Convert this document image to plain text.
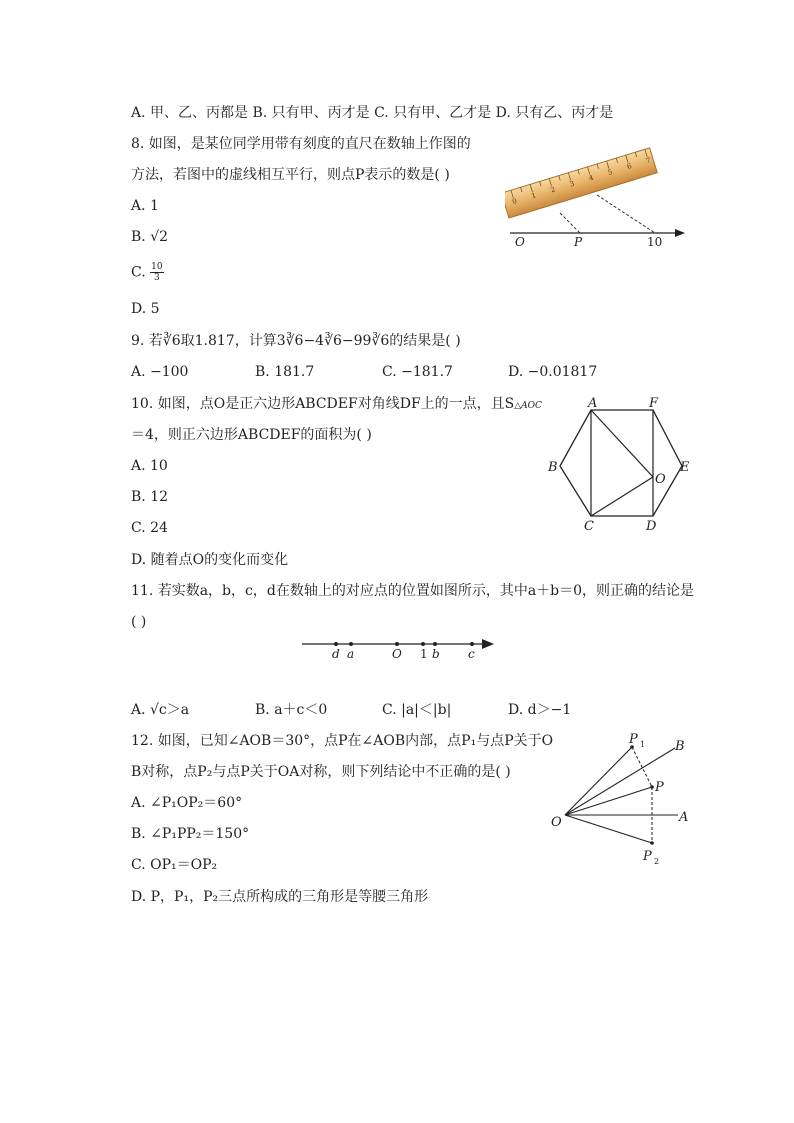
A. 甲、乙、丙都是 B. 只有甲、丙才是 C. 只有甲、乙才是 D. 只有乙、丙才是
8. 如图，是某位同学用带有刻度的直尺在数轴上作图的
方法，若图中的虚线相互平行，则点P表示的数是( )
A. 1
B. √2
C. $\frac{10}{3}$
D. 5
0
1
2
3
4
5
6
7
O	P	10
9. 若∛6取1.817，计算3∛6−4∛6−99∛6的结果是( )
A. −100	B. 181.7	C. −181.7	D. −0.01817
10. 如图，点O是正六边形ABCDEF对角线DF上的一点，且S△AOC
＝4，则正六边形ABCDEF的面积为( )
A. 10
B. 12
C. 24
D. 随着点O的变化而变化
A	F
B	E
O
C	D
11. 若实数a，b，c，d在数轴上的对应点的位置如图所示，其中a＋b＝0，则正确的结论是
( )
d a	O 1 b c
A. √c＞a	B. a＋c＜0	C. |a|＜|b|	D. d＞−1
12. 如图，已知∠AOB＝30°，点P在∠AOB内部，点P₁与点P关于O
B对称，点P₂与点P关于OA对称，则下列结论中不正确的是( )
A. ∠P₁OP₂＝60°
B. ∠P₁PP₂＝150°
C. OP₁＝OP₂
D. P，P₁，P₂三点所构成的三角形是等腰三角形
P 1 B
P
O	A
P 2
